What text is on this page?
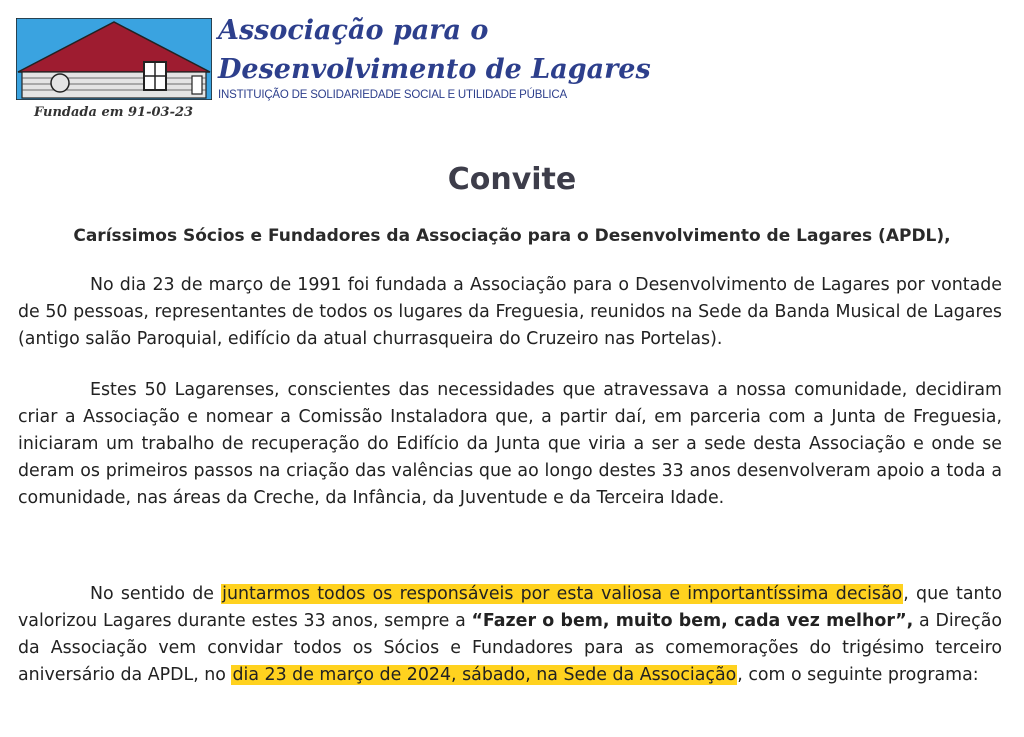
Associação para o
Desenvolvimento de Lagares

INSTITUIÇÃO DE SOLIDARIEDADE SOCIAL E UTILIDADE PÚBLICA

Fundada em 91-03-23

Convite

Caríssimos Sócios e Fundadores da Associação para o Desenvolvimento de Lagares (APDL),

No dia 23 de março de 1991 foi fundada a Associação para o Desenvolvimento de Lagares por vontade de 50 pessoas, representantes de todos os lugares da Freguesia, reunidos na Sede da Banda Musical de Lagares (antigo salão Paroquial, edifício da atual churrasqueira do Cruzeiro nas Portelas).

Estes 50 Lagarenses, conscientes das necessidades que atravessava a nossa comunidade, decidiram criar a Associação e nomear a Comissão Instaladora que, a partir daí, em parceria com a Junta de Freguesia, iniciaram um trabalho de recuperação do Edifício da Junta que viria a ser a sede desta Associação e onde se deram os primeiros passos na criação das valências que ao longo destes 33 anos desenvolveram apoio a toda a comunidade, nas áreas da Creche, da Infância, da Juventude e da Terceira Idade.

No sentido de juntarmos todos os responsáveis por esta valiosa e importantíssima decisão, que tanto valorizou Lagares durante estes 33 anos, sempre a “Fazer o bem, muito bem, cada vez melhor”, a Direção da Associação vem convidar todos os Sócios e Fundadores para as comemorações do trigésimo terceiro aniversário da APDL, no dia 23 de março de 2024, sábado, na Sede da Associação, com o seguinte programa:
